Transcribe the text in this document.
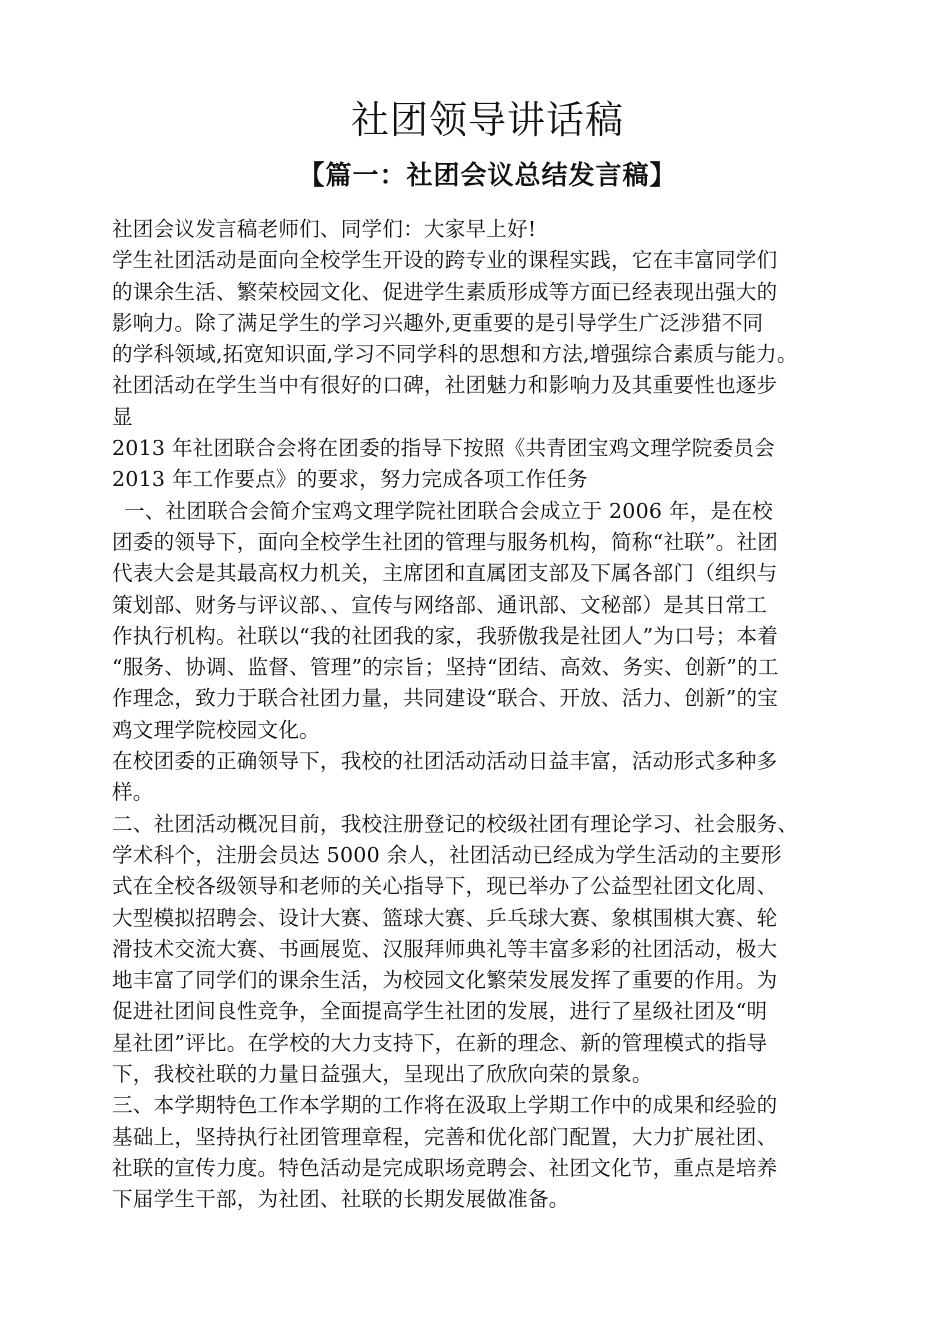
社团领导讲话稿
【篇一：社团会议总结发言稿】
社团会议发言稿老师们、同学们：大家早上好!
学生社团活动是面向全校学生开设的跨专业的课程实践，它在丰富同学们
的课余生活、繁荣校园文化、促进学生素质形成等方面已经表现出强大的
影响力。除了满足学生的学习兴趣外,更重要的是引导学生广泛涉猎不同
的学科领域,拓宽知识面,学习不同学科的思想和方法,增强综合素质与能力。
社团活动在学生当中有很好的口碑，社团魅力和影响力及其重要性也逐步
显
2013 年社团联合会将在团委的指导下按照《共青团宝鸡文理学院委员会
2013 年工作要点》的要求，努力完成各项工作任务
一、社团联合会简介宝鸡文理学院社团联合会成立于 2006 年，是在校
团委的领导下，面向全校学生社团的管理与服务机构，简称“社联”。社团
代表大会是其最高权力机关，主席团和直属团支部及下属各部门（组织与
策划部、财务与评议部、、宣传与网络部、通讯部、文秘部）是其日常工
作执行机构。社联以“我的社团我的家，我骄傲我是社团人”为口号；本着
“服务、协调、监督、管理”的宗旨；坚持“团结、高效、务实、创新”的工
作理念，致力于联合社团力量，共同建设“联合、开放、活力、创新”的宝
鸡文理学院校园文化。
在校团委的正确领导下，我校的社团活动活动日益丰富，活动形式多种多
样。
二、社团活动概况目前，我校注册登记的校级社团有理论学习、社会服务、
学术科个，注册会员达 5000 余人，社团活动已经成为学生活动的主要形
式在全校各级领导和老师的关心指导下，现已举办了公益型社团文化周、
大型模拟招聘会、设计大赛、篮球大赛、乒乓球大赛、象棋围棋大赛、轮
滑技术交流大赛、书画展览、汉服拜师典礼等丰富多彩的社团活动，极大
地丰富了同学们的课余生活，为校园文化繁荣发展发挥了重要的作用。为
促进社团间良性竞争，全面提高学生社团的发展，进行了星级社团及“明
星社团”评比。在学校的大力支持下，在新的理念、新的管理模式的指导
下，我校社联的力量日益强大，呈现出了欣欣向荣的景象。
三、本学期特色工作本学期的工作将在汲取上学期工作中的成果和经验的
基础上，坚持执行社团管理章程，完善和优化部门配置，大力扩展社团、
社联的宣传力度。特色活动是完成职场竞聘会、社团文化节，重点是培养
下届学生干部，为社团、社联的长期发展做准备。
